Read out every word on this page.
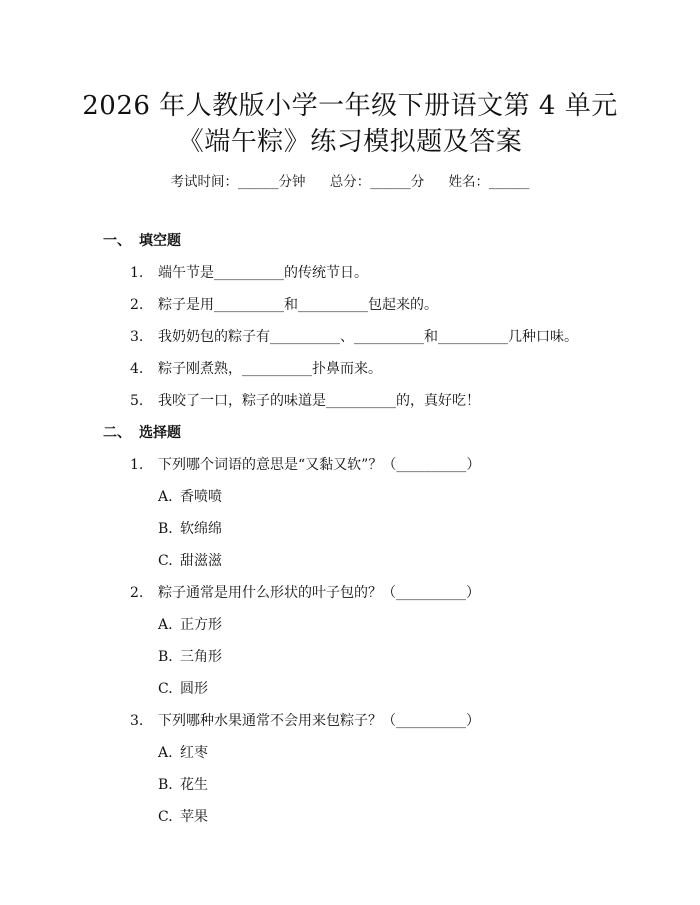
2026 年人教版小学一年级下册语文第 4 单元
《端午粽》练习模拟题及答案
考试时间：______分钟 总分：______分 姓名：______
一、 填空题
1. 端午节是__________的传统节日。
2. 粽子是用__________和__________包起来的。
3. 我奶奶包的粽子有__________、__________和__________几种口味。
4. 粽子刚煮熟，__________扑鼻而来。
5. 我咬了一口，粽子的味道是__________的，真好吃！
二、 选择题
1. 下列哪个词语的意思是“又黏又软”？（__________）
A. 香喷喷
B. 软绵绵
C. 甜滋滋
2. 粽子通常是用什么形状的叶子包的？（__________）
A. 正方形
B. 三角形
C. 圆形
3. 下列哪种水果通常不会用来包粽子？（__________）
A. 红枣
B. 花生
C. 苹果
